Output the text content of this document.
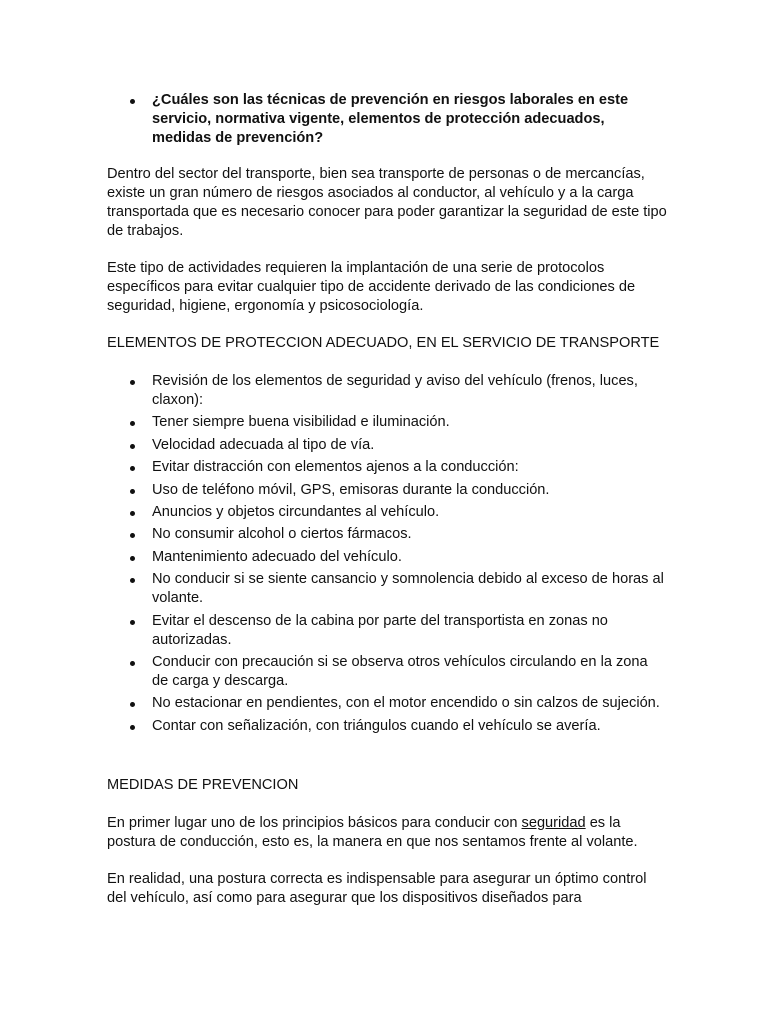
¿Cuáles son las técnicas de prevención en riesgos laborales en este servicio, normativa vigente, elementos de protección adecuados, medidas de prevención?

Dentro del sector del transporte, bien sea transporte de personas o de mercancías, existe un gran número de riesgos asociados al conductor, al vehículo y a la carga transportada que es necesario conocer para poder garantizar la seguridad de este tipo de trabajos.

Este tipo de actividades requieren la implantación de una serie de protocolos específicos para evitar cualquier tipo de accidente derivado de las condiciones de seguridad, higiene, ergonomía y psicosociología.

ELEMENTOS DE PROTECCION ADECUADO, EN EL SERVICIO DE TRANSPORTE

Revisión de los elementos de seguridad y aviso del vehículo (frenos, luces, claxon):
Tener siempre buena visibilidad e iluminación.
Velocidad adecuada al tipo de vía.
Evitar distracción con elementos ajenos a la conducción:
Uso de teléfono móvil, GPS, emisoras durante la conducción.
Anuncios y objetos circundantes al vehículo.
No consumir alcohol o ciertos fármacos.
Mantenimiento adecuado del vehículo.
No conducir si se siente cansancio y somnolencia debido al exceso de horas al volante.
Evitar el descenso de la cabina por parte del transportista en zonas no autorizadas.
Conducir con precaución si se observa otros vehículos circulando en la zona de carga y descarga.
No estacionar en pendientes, con el motor encendido o sin calzos de sujeción.
Contar con señalización, con triángulos cuando el vehículo se avería.

MEDIDAS DE PREVENCION

En primer lugar uno de los principios básicos para conducir con seguridad es la postura de conducción, esto es, la manera en que nos sentamos frente al volante.

En realidad, una postura correcta es indispensable para asegurar un óptimo control del vehículo, así como para asegurar que los dispositivos diseñados para
